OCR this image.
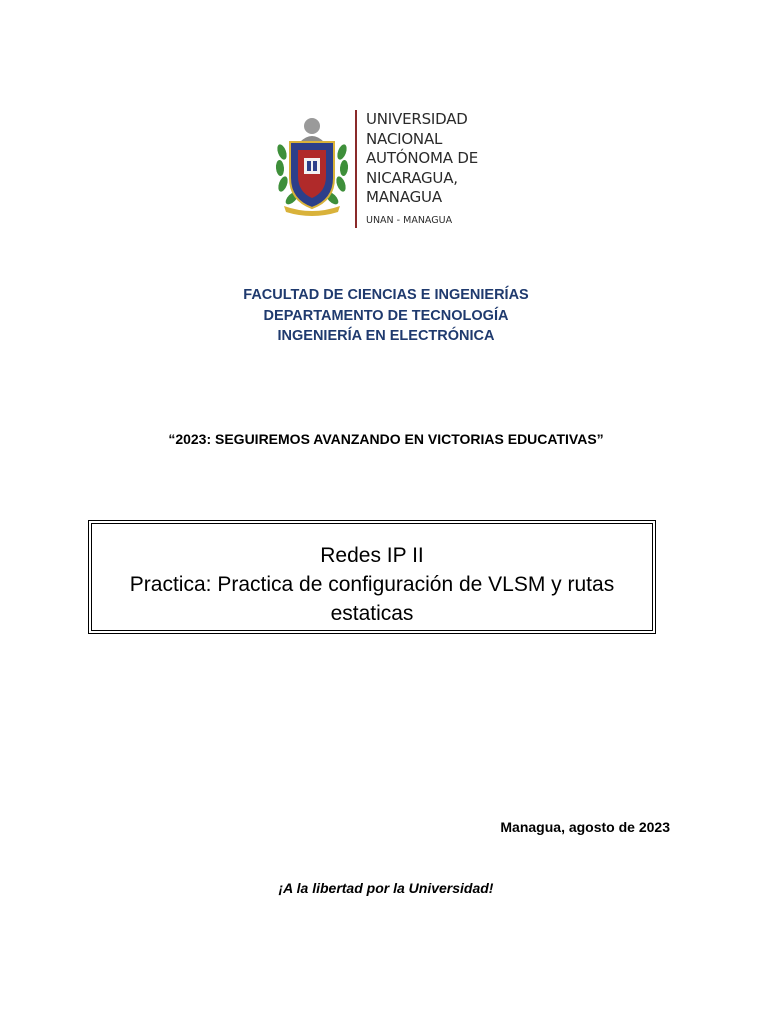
UNIVERSIDAD
NACIONAL
AUTÓNOMA DE
NICARAGUA,
MANAGUA
UNAN - MANAGUA
FACULTAD DE CIENCIAS E INGENIERÍAS
DEPARTAMENTO DE TECNOLOGÍA
INGENIERÍA EN ELECTRÓNICA
“2023: SEGUIREMOS AVANZANDO EN VICTORIAS EDUCATIVAS”
Redes IP II
Practica: Practica de configuración de VLSM y rutas
estaticas
Managua, agosto de 2023
¡A la libertad por la Universidad!
